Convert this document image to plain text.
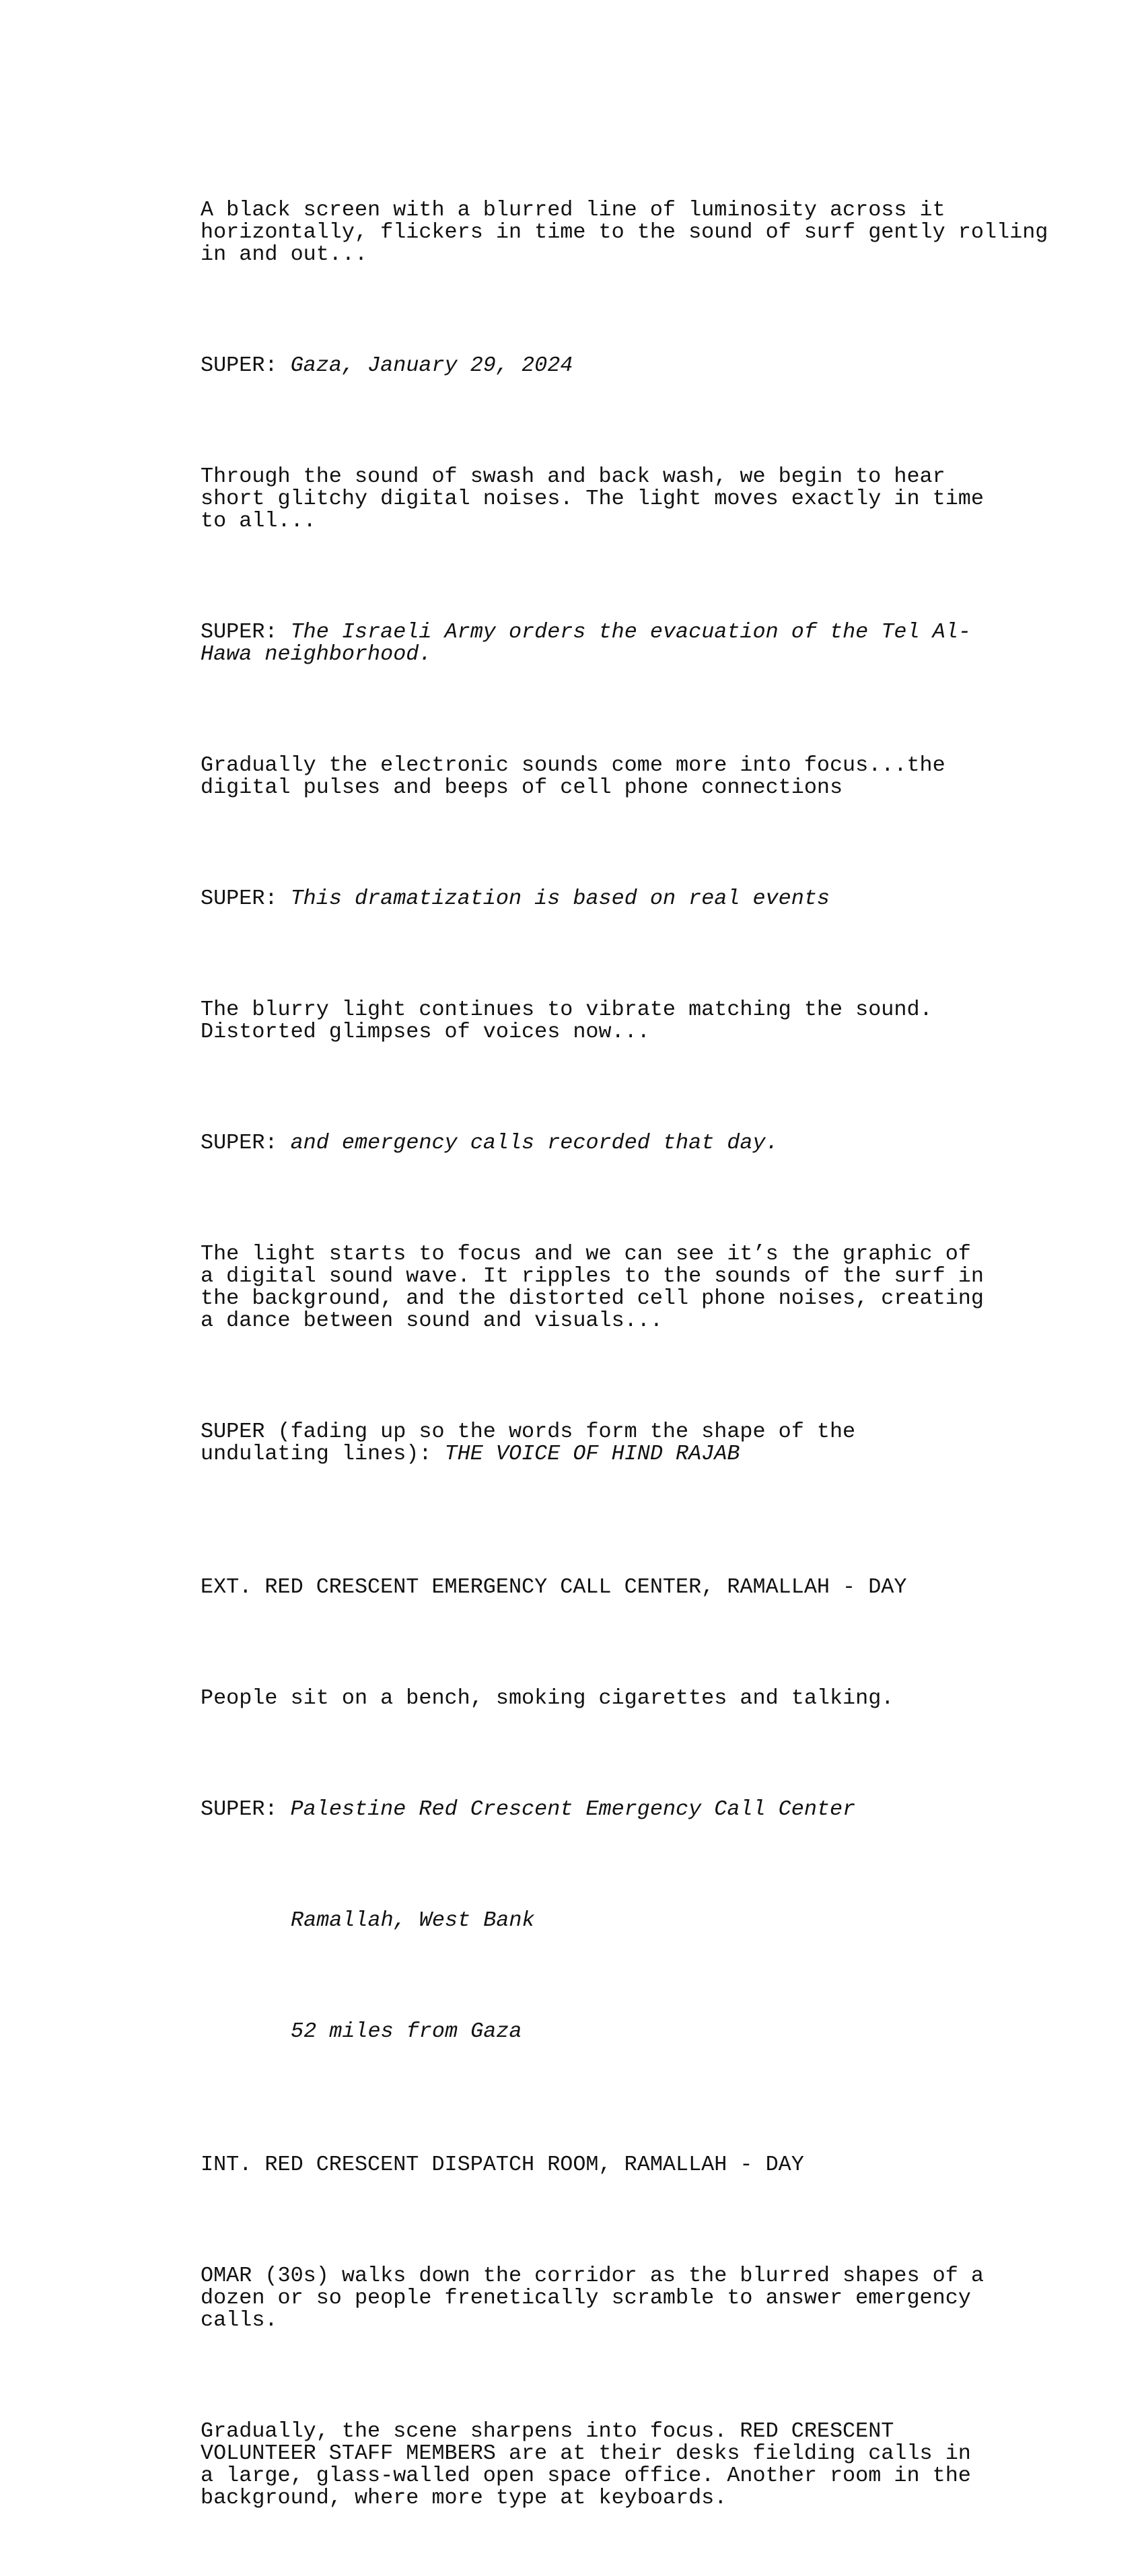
A black screen with a blurred line of luminosity across it
horizontally, flickers in time to the sound of surf gently rolling
in and out...

SUPER: Gaza, January 29, 2024

Through the sound of swash and back wash, we begin to hear
short glitchy digital noises. The light moves exactly in time
to all...

SUPER: The Israeli Army orders the evacuation of the Tel Al-
Hawa neighborhood.

Gradually the electronic sounds come more into focus...the
digital pulses and beeps of cell phone connections

SUPER: This dramatization is based on real events

The blurry light continues to vibrate matching the sound.
Distorted glimpses of voices now...

SUPER: and emergency calls recorded that day.

The light starts to focus and we can see it’s the graphic of
a digital sound wave. It ripples to the sounds of the surf in
the background, and the distorted cell phone noises, creating
a dance between sound and visuals...

SUPER (fading up so the words form the shape of the
undulating lines): THE VOICE OF HIND RAJAB

EXT. RED CRESCENT EMERGENCY CALL CENTER, RAMALLAH - DAY

People sit on a bench, smoking cigarettes and talking.

SUPER: Palestine Red Crescent Emergency Call Center

Ramallah, West Bank

52 miles from Gaza

INT. RED CRESCENT DISPATCH ROOM, RAMALLAH - DAY

OMAR (30s) walks down the corridor as the blurred shapes of a
dozen or so people frenetically scramble to answer emergency
calls.

Gradually, the scene sharpens into focus. RED CRESCENT
VOLUNTEER STAFF MEMBERS are at their desks fielding calls in
a large, glass-walled open space office. Another room in the
background, where more type at keyboards.
